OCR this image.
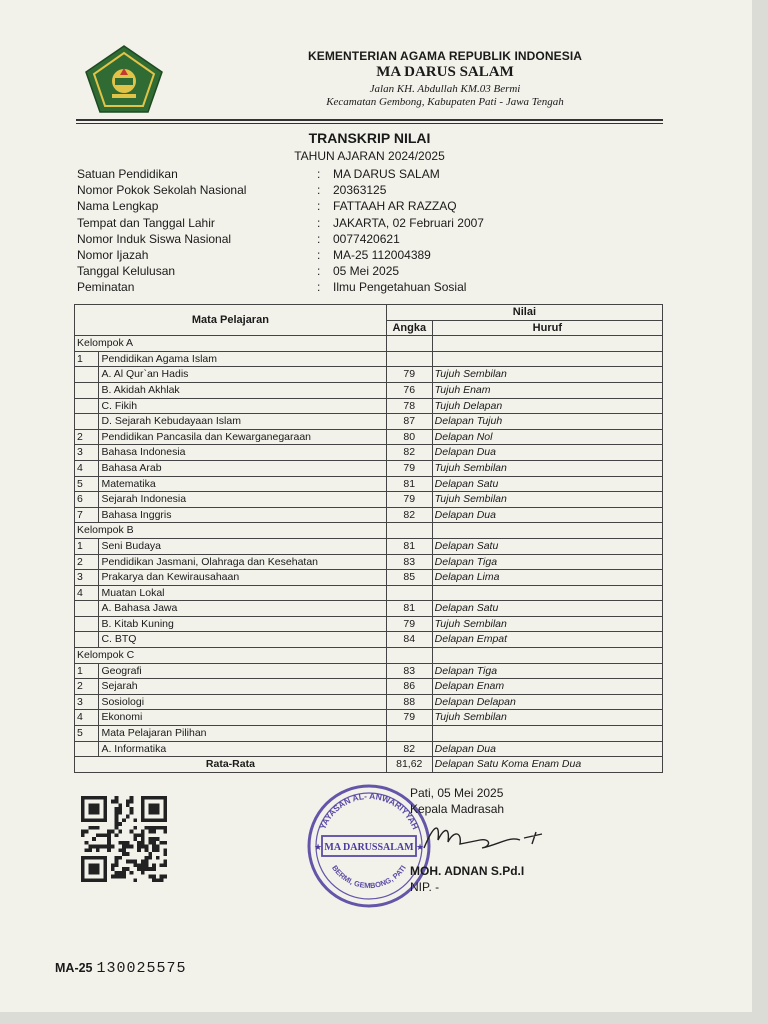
KEMENTERIAN AGAMA REPUBLIK INDONESIA
MA DARUS SALAM
Jalan KH. Abdullah KM.03 Bermi
Kecamatan Gembong, Kabupaten Pati - Jawa Tengah
TRANSKRIP NILAI
TAHUN AJARAN 2024/2025
Satuan Pendidikan	: MA DARUS SALAM
Nomor Pokok Sekolah Nasional	: 20363125
Nama Lengkap	: FATTAAH AR RAZZAQ
Tempat dan Tanggal Lahir	: JAKARTA, 02 Februari 2007
Nomor Induk Siswa Nasional	: 0077420621
Nomor Ijazah	: MA-25 112004389
Tanggal Kelulusan	: 05 Mei 2025
Peminatan	: Ilmu Pengetahuan Sosial
Mata Pelajaran		Nilai	
		Angka	Huruf
Kelompok A			
1	Pendidikan Agama Islam		
	A. Al Qur`an Hadis	79	Tujuh Sembilan
	B. Akidah Akhlak	76	Tujuh Enam
	C. Fikih	78	Tujuh Delapan
	D. Sejarah Kebudayaan Islam	87	Delapan Tujuh
2	Pendidikan Pancasila dan Kewarganegaraan	80	Delapan Nol
3	Bahasa Indonesia	82	Delapan Dua
4	Bahasa Arab	79	Tujuh Sembilan
5	Matematika	81	Delapan Satu
6	Sejarah Indonesia	79	Tujuh Sembilan
7	Bahasa Inggris	82	Delapan Dua
Kelompok B			
1	Seni Budaya	81	Delapan Satu
2	Pendidikan Jasmani, Olahraga dan Kesehatan	83	Delapan Tiga
3	Prakarya dan Kewirausahaan	85	Delapan Lima
4	Muatan Lokal		
	A. Bahasa Jawa	81	Delapan Satu
	B. Kitab Kuning	79	Tujuh Sembilan
	C. BTQ	84	Delapan Empat
Kelompok C			
1	Geografi	83	Delapan Tiga
2	Sejarah	86	Delapan Enam
3	Sosiologi	88	Delapan Delapan
4	Ekonomi	79	Tujuh Sembilan
5	Mata Pelajaran Pilihan		
	A. Informatika	82	Delapan Dua
Rata-Rata		81,62	Delapan Satu Koma Enam Dua
YAYASAN AL- ANWARIYYAH
MA DARUSSALAM
BERMI, GEMBONG, PATI
★	★
Pati, 05 Mei 2025
Kepala Madrasah
MOH. ADNAN S.Pd.I
NIP. -
MA-25 130025575
